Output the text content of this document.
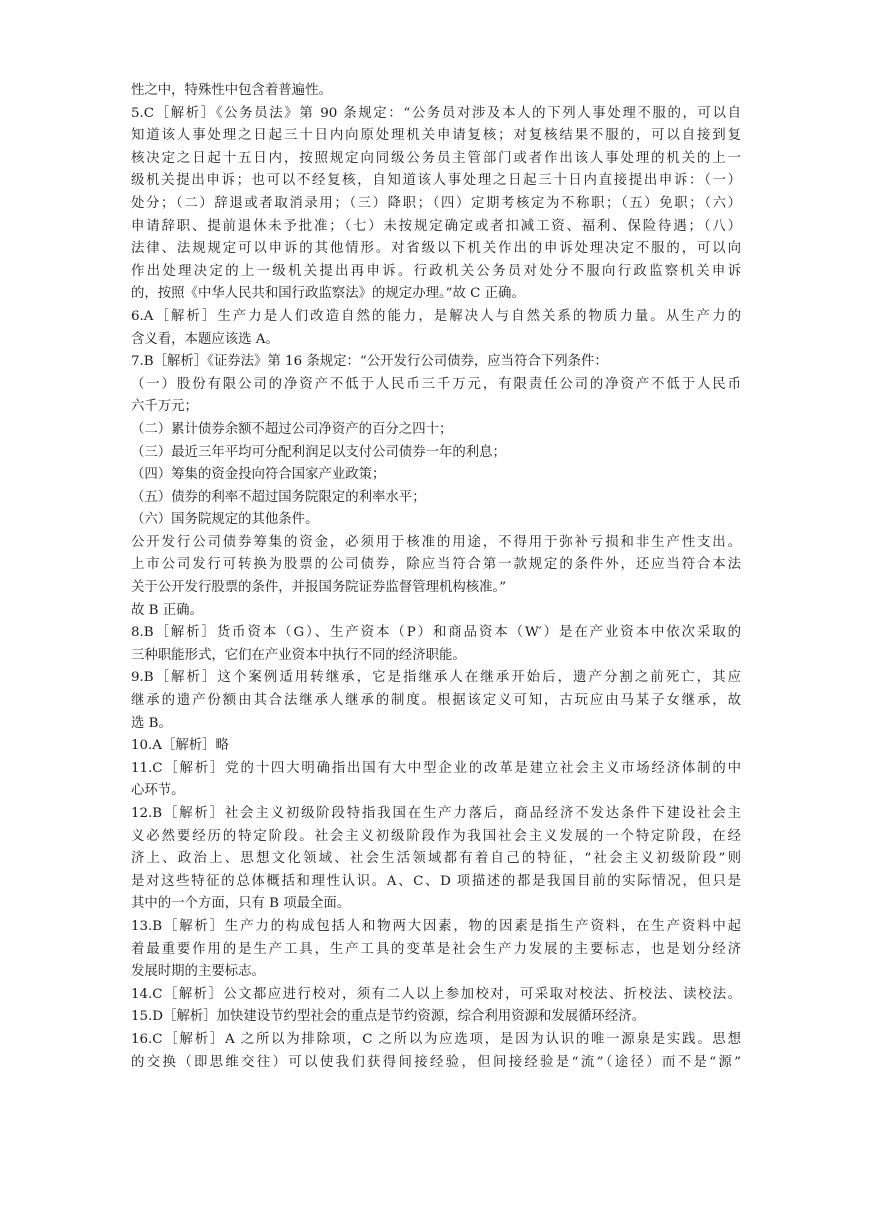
性之中，特殊性中包含着普遍性。
5.C［解析］《公务员法》第 90 条规定：“公务员对涉及本人的下列人事处理不服的，可以自
知道该人事处理之日起三十日内向原处理机关申请复核；对复核结果不服的，可以自接到复
核决定之日起十五日内，按照规定向同级公务员主管部门或者作出该人事处理的机关的上一
级机关提出申诉；也可以不经复核，自知道该人事处理之日起三十日内直接提出申诉：（一）
处分；（二）辞退或者取消录用；（三）降职；（四）定期考核定为不称职；（五）免职；（六）
申请辞职、提前退休未予批准；（七）未按规定确定或者扣减工资、福利、保险待遇；（八）
法律、法规规定可以申诉的其他情形。对省级以下机关作出的申诉处理决定不服的，可以向
作出处理决定的上一级机关提出再申诉。行政机关公务员对处分不服向行政监察机关申诉
的，按照《中华人民共和国行政监察法》的规定办理。”故 C 正确。
6.A［解析］生产力是人们改造自然的能力，是解决人与自然关系的物质力量。从生产力的
含义看，本题应该选 A。
7.B［解析］《证券法》第 16 条规定：“公开发行公司债券，应当符合下列条件：
（一）股份有限公司的净资产不低于人民币三千万元，有限责任公司的净资产不低于人民币
六千万元；
（二）累计债券余额不超过公司净资产的百分之四十；
（三）最近三年平均可分配利润足以支付公司债券一年的利息；
（四）筹集的资金投向符合国家产业政策；
（五）债券的利率不超过国务院限定的利率水平；
（六）国务院规定的其他条件。
公开发行公司债券筹集的资金，必须用于核准的用途，不得用于弥补亏损和非生产性支出。
上市公司发行可转换为股票的公司债券，除应当符合第一款规定的条件外，还应当符合本法
关于公开发行股票的条件，并报国务院证券监督管理机构核准。”
故 B 正确。
8.B［解析］货币资本（G）、生产资本（P）和商品资本（W′）是在产业资本中依次采取的
三种职能形式，它们在产业资本中执行不同的经济职能。
9.B［解析］这个案例适用转继承，它是指继承人在继承开始后，遗产分割之前死亡，其应
继承的遗产份额由其合法继承人继承的制度。根据该定义可知，古玩应由马某子女继承，故
选 B。
10.A［解析］略
11.C［解析］党的十四大明确指出国有大中型企业的改革是建立社会主义市场经济体制的中
心环节。
12.B［解析］社会主义初级阶段特指我国在生产力落后，商品经济不发达条件下建设社会主
义必然要经历的特定阶段。社会主义初级阶段作为我国社会主义发展的一个特定阶段，在经
济上、政治上、思想文化领域、社会生活领域都有着自己的特征，“社会主义初级阶段”则
是对这些特征的总体概括和理性认识。A、C、D 项描述的都是我国目前的实际情况，但只是
其中的一个方面，只有 B 项最全面。
13.B［解析］生产力的构成包括人和物两大因素，物的因素是指生产资料，在生产资料中起
着最重要作用的是生产工具，生产工具的变革是社会生产力发展的主要标志，也是划分经济
发展时期的主要标志。
14.C［解析］公文都应进行校对，须有二人以上参加校对，可采取对校法、折校法、读校法。
15.D［解析］加快建设节约型社会的重点是节约资源，综合利用资源和发展循环经济。
16.C［解析］A 之所以为排除项，C 之所以为应选项，是因为认识的唯一源泉是实践。思想
的交换（即思维交往）可以使我们获得间接经验，但间接经验是“流”（途径）而不是“源”
